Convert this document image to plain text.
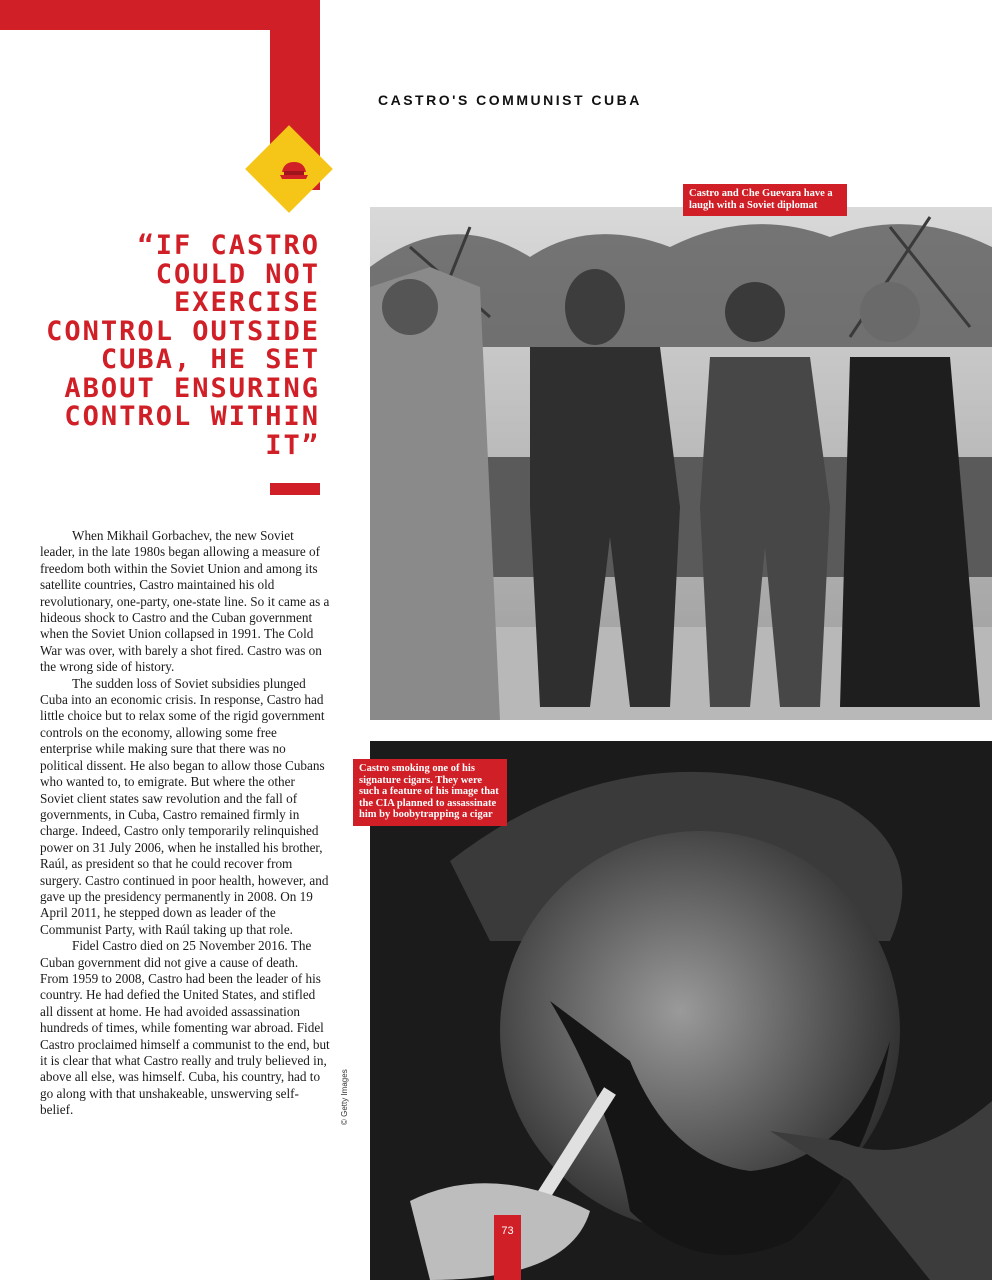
CASTRO'S COMMUNIST CUBA
“IF CASTRO COULD NOT EXERCISE CONTROL OUTSIDE CUBA, HE SET ABOUT ENSURING CONTROL WITHIN IT”

When Mikhail Gorbachev, the new Soviet leader, in the late 1980s began allowing a measure of freedom both within the Soviet Union and among its satellite countries, Castro maintained his old revolutionary, one-party, one-state line. So it came as a hideous shock to Castro and the Cuban government when the Soviet Union collapsed in 1991. The Cold War was over, with barely a shot fired. Castro was on the wrong side of history.

The sudden loss of Soviet subsidies plunged Cuba into an economic crisis. In response, Castro had little choice but to relax some of the rigid government controls on the economy, allowing some free enterprise while making sure that there was no political dissent. He also began to allow those Cubans who wanted to, to emigrate. But where the other Soviet client states saw revolution and the fall of governments, in Cuba, Castro remained firmly in charge. Indeed, Castro only temporarily relinquished power on 31 July 2006, when he installed his brother, Raúl, as president so that he could recover from surgery. Castro continued in poor health, however, and gave up the presidency permanently in 2008. On 19 April 2011, he stepped down as leader of the Communist Party, with Raúl taking up that role.

Fidel Castro died on 25 November 2016. The Cuban government did not give a cause of death. From 1959 to 2008, Castro had been the leader of his country. He had defied the United States, and stifled all dissent at home. He had avoided assassination hundreds of times, while fomenting war abroad. Fidel Castro proclaimed himself a communist to the end, but it is clear that what Castro really and truly believed in, above all else, was himself. Cuba, his country, had to go along with that unshakeable, unswerving self-belief.	© Getty Images
Castro and Che Guevara have a laugh with a Soviet diplomat
Castro smoking one of his signature cigars. They were such a feature of his image that the CIA planned to assassinate him by boobytrapping a cigar
73
